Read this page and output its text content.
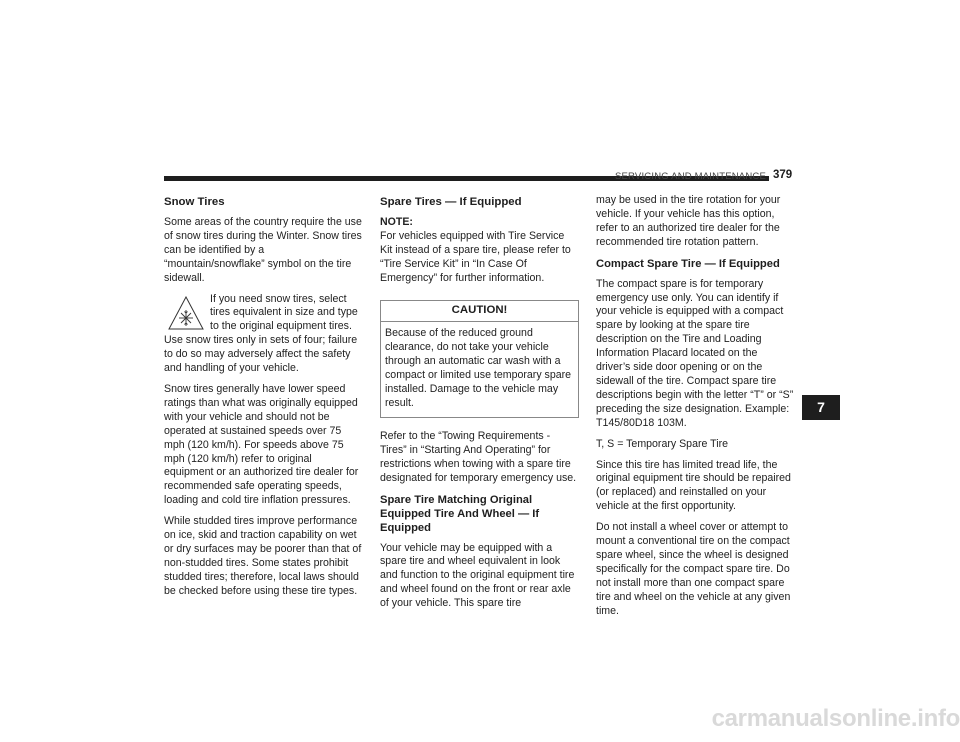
SERVICING AND MAINTENANCE 379
Snow Tires

Some areas of the country require the use of snow tires during the Winter. Snow tires can be identified by a “mountain/snowflake” symbol on the tire sidewall.

If you need snow tires, select tires equivalent in size and type to the original equipment tires. Use snow tires only in sets of four; failure to do so may adversely affect the safety and handling of your vehicle.

Snow tires generally have lower speed ratings than what was originally equipped with your vehicle and should not be operated at sustained speeds over 75 mph (120 km/h). For speeds above 75 mph (120 km/h) refer to original equipment or an authorized tire dealer for recommended safe operating speeds, loading and cold tire inflation pressures.

While studded tires improve performance on ice, skid and traction capability on wet or dry surfaces may be poorer than that of non-studded tires. Some states prohibit studded tires; therefore, local laws should be checked before using these tire types.

Spare Tires — If Equipped

NOTE:
For vehicles equipped with Tire Service Kit instead of a spare tire, please refer to “Tire Service Kit” in “In Case Of Emergency” for further information.

CAUTION!
Because of the reduced ground clearance, do not take your vehicle through an automatic car wash with a compact or limited use temporary spare installed. Damage to the vehicle may result.

Refer to the “Towing Requirements - Tires” in “Starting And Operating” for restrictions when towing with a spare tire designated for temporary emergency use.

Spare Tire Matching Original Equipped Tire And Wheel — If Equipped

Your vehicle may be equipped with a spare tire and wheel equivalent in look and function to the original equipment tire and wheel found on the front or rear axle of your vehicle. This spare tire

may be used in the tire rotation for your vehicle. If your vehicle has this option, refer to an authorized tire dealer for the recommended tire rotation pattern.

Compact Spare Tire — If Equipped

The compact spare is for temporary emergency use only. You can identify if your vehicle is equipped with a compact spare by looking at the spare tire description on the Tire and Loading Information Placard located on the driver’s side door opening or on the sidewall of the tire. Compact spare tire descriptions begin with the letter “T” or “S” preceding the size designation. Example: T145/80D18 103M.

T, S = Temporary Spare Tire

Since this tire has limited tread life, the original equipment tire should be repaired (or replaced) and reinstalled on your vehicle at the first opportunity.

Do not install a wheel cover or attempt to mount a conventional tire on the compact spare wheel, since the wheel is designed specifically for the compact spare tire. Do not install more than one compact spare tire and wheel on the vehicle at any given time.

7
carmanualsonline.info
